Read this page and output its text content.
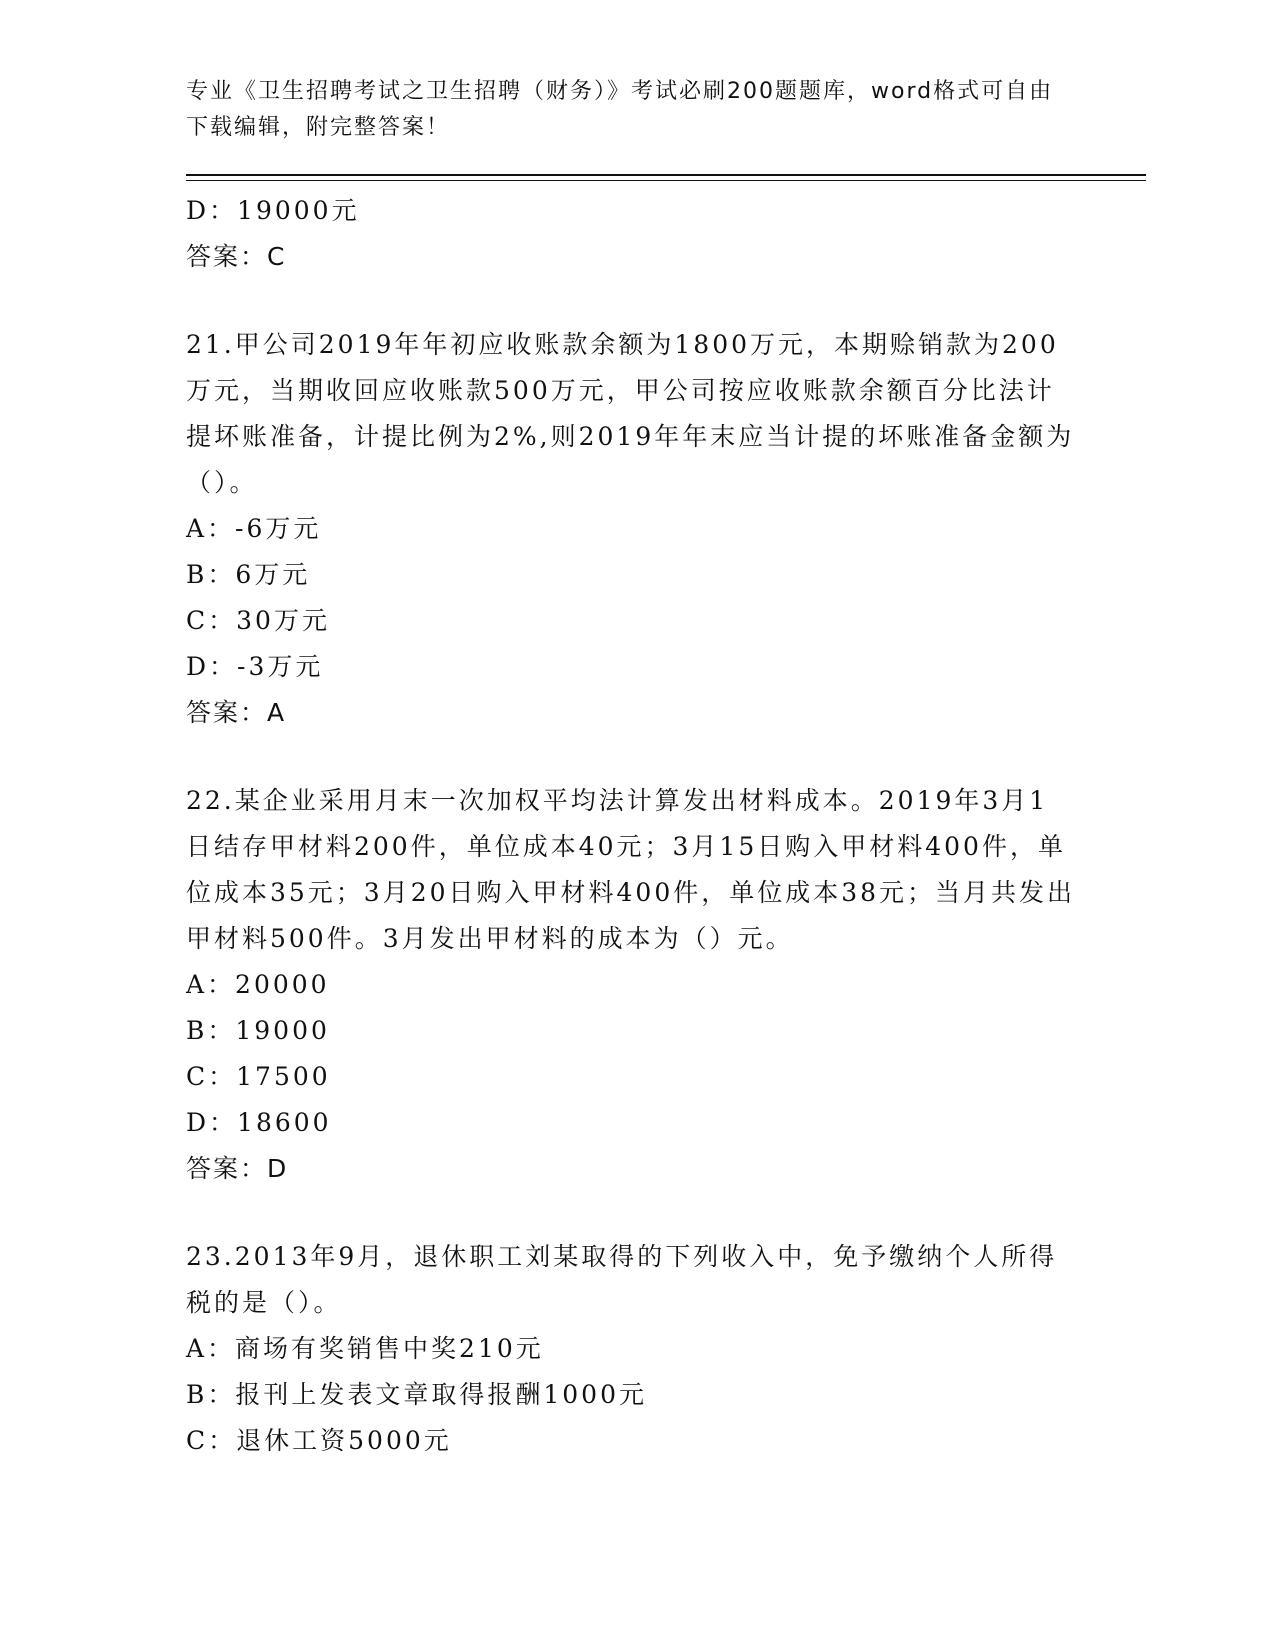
专业《卫生招聘考试之卫生招聘（财务）》考试必刷200题题库，word格式可自由下载编辑，附完整答案！
D：19000元
答案：C
21.甲公司2019年年初应收账款余额为1800万元，本期赊销款为200万元，当期收回应收账款500万元，甲公司按应收账款余额百分比法计提坏账准备，计提比例为2%,则2019年年末应当计提的坏账准备金额为（）。
A：-6万元
B：6万元
C：30万元
D：-3万元
答案：A
22.某企业采用月末一次加权平均法计算发出材料成本。2019年3月1日结存甲材料200件，单位成本40元；3月15日购入甲材料400件，单位成本35元；3月20日购入甲材料400件，单位成本38元；当月共发出甲材料500件。3月发出甲材料的成本为（）元。
A：20000
B：19000
C：17500
D：18600
答案：D
23.2013年9月，退休职工刘某取得的下列收入中，免予缴纳个人所得税的是（）。
A：商场有奖销售中奖210元
B：报刊上发表文章取得报酬1000元
C：退休工资5000元
